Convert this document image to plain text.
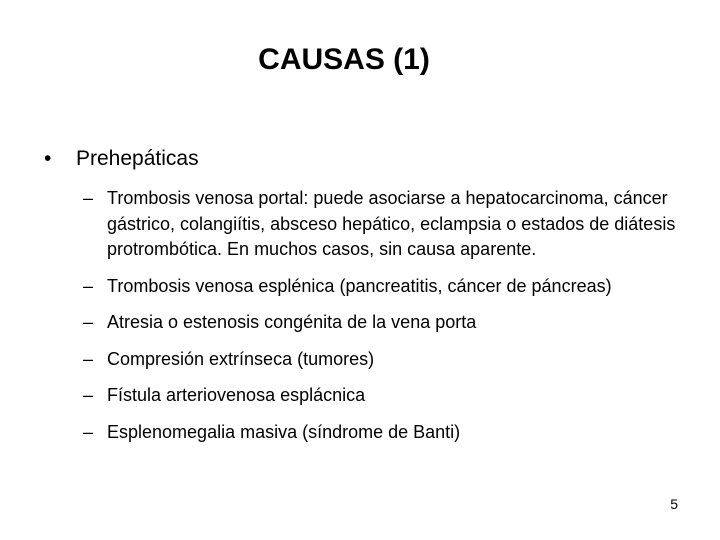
CAUSAS (1)
• Prehepáticas
– Trombosis venosa portal: puede asociarse a hepatocarcinoma, cáncer gástrico, colangiítis, absceso hepático, eclampsia o estados de diátesis protrombótica. En muchos casos, sin causa aparente.
– Trombosis venosa esplénica (pancreatitis, cáncer de páncreas)
– Atresia o estenosis congénita de la vena porta
– Compresión extrínseca (tumores)
– Fístula arteriovenosa esplácnica
– Esplenomegalia masiva (síndrome de Banti)
5
